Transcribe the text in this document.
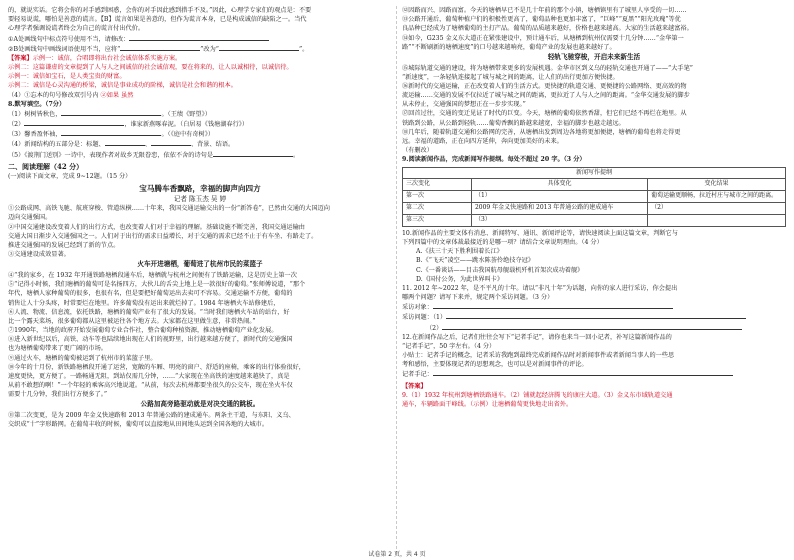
的，就说实话。它将会你的对手感到困惑，会你的对手因此感到措手不及。”因此，心理学专家们的观点是：不要

要轻易说谎，哪怕是善意的谎言。【B】谎言如果是善意的，但作为谎言本身，已是构成诚信的缺陷之一。当代

心理学者强调说谎者终会为自己的谎言付出代价。

①A处画线句中标点符号使用不当，请修改：

②B处画线句中画线词语使用不当，应将“	”改为“	”。

【答案】示例一：诚信，合唱即将出台社会诚信体系实施方案。

示例二：这篇谦虚的文章提到了人与人之间诚信的社会诚信观，要在将来的，让人以诚相待，以诚信待。

示例一：诚信如宝石，是人类宝贵的财富。

示例二：诚信是心灵沟通的桥梁，诚信是事业成功的阶梯，诚信是社会和谐的根本。

（4）①忘本的句号修改双引号内 ②如果 虽然

8.默写填空。（7分）

（1）树树皆秋色，	。（王绩《野望》）

（2）	，谁家新燕啄春泥。（白居易《钱塘湖春行》）

（3）馨香盈怀袖，	。（《庭中有奇树》）

（4）新闻结构的五部分是：标题、	、	、背景、结语。

（5）《渡荆门送别》一诗中，表现作者对故乡无限眷恋，依依不舍的诗句是	。

二、阅读理解（42 分）

(一)阅读下面文章，完成 9~12题。（15 分）

宝马腾车香飘路，幸福的脚声向四方

记者 陈玉杰 吴 婷

①公路成网、高铁飞驰、航班穿梭、管道纵横……十年来，我国交通运输交出的一份“新答卷”，已然由交通的大国迈向

迈向交通强国。

②中国交通建设改变着人们的出行方式，也改变着人们对于幸福的理解。基础设施不断完善，我国交通运输由

交通大国日渐步入交通强国之一。人们对于出行的需求日益增长，对于交通的需求已经不止于有车坐、有路走了。

推进交通强国的发展已经到了新的节点。

③交通建设成效显著。

火车开进塘栖，葡萄进了杭州市民的菜篮子

④“我的家乡，在 1932 年开通铁路塘栖段通车后，塘栖就与杭州之间便有了铁路运输，这是历史上第一次

⑤“记得小时候，我们塘栖的葡萄可是名扬四方，大伙儿的舌尖上地上是一款很好的葡萄。”张师傅说道，“那个

年代，塘栖人家种葡萄的很多，也很有名，但是要把好葡萄运出去卖可不容易。交通运输不方便，葡萄的

销售让人十分头疼，时常要烂在地里。许多葡萄没有运出来就烂掉了。1984 年塘栖火车站修建后，

⑥人流、物流、信息流，依托铁路，塘栖的葡萄产业有了很大的发展。“当时我们塘栖火车站的站台，好

比一个露天菜场，很多葡萄都从这里被运往各个地方去。大家都在这里做生意，非常热闹。”

⑦1990年，当地的政府开始发展葡萄专业合作社，整合葡萄种植资源，推动塘栖葡萄产业化发展。

⑧进入新世纪以后，高铁、动车等也陆续地出现在人们的视野里，出行越来越方便了，新时代的交通强国

也为塘栖葡萄带来了更广阔的市场。

⑨通过火车，塘栖的葡萄被运到了杭州市的菜篮子里。

⑩今年的十月份，新铁路塘栖段开通了运营，宽敞的车厢、明亮的窗户、舒适的座椅，乘客的出行体验很好，

速度更快，更方便了。一路畅通无阻，到站仅需几分钟，……“大家现在坐高铁的速度越来越快了，真是

从前不敢想的啊！”一个年轻的乘客高兴地说道。“从前，每次去杭州都要坐很久的公交车，现在坐火车仅

需要十几分钟，我们出行方便多了。”

公路加高旁路驱动就是对决交通的跳板。

⑪第二次变更，是为 2009 年金义快速路和 2013 年普通公路的建成通车。两条主干道，与东阳、义乌、

交织成“十”字形路网。在葡萄丰收的时候，葡萄可以直接地从田间地头运到全国各地的大城市。

⑫因路而兴、因路而富。今天的塘栖早已不是几十年前的那个小镇，塘栖镇里有了城里人享受的一切……

⑬公路开通后，葡萄种植户们的积极性更高了，葡萄品种也更加丰富了，“巨峰”“夏黑”“阳光玫瑰”等优

良品种已经成为了塘栖葡萄的主打产品。葡萄的品质越来越好，价格也越来越高。大家的生活越来越富裕。

⑭如今，G235 金义东大道正在紧张建设中，预计通车后，从塘栖到杭州仅需要十几分钟……“金华第一

路”“不断刷新的塘栖速度”的口号越来越响亮，葡萄产业的发展也越来越好了。

轻轨飞驰穿梭，开启未来新生活

⑮城际轨道交通的建设，将为塘栖带来更多的发展机遇。金华市区到义乌的轻轨交通也开通了——“大手笔”

“新速度”，一条轻轨连接起了城与城之间的距离，让人们的出行更加方便快捷。

⑯新时代的交通运输，正在改变着人们的生活方式。更快捷的轨道交通、更便捷的公路网络、更高效的物

流运输……交通的发展不仅拉近了城与城之间的距离，更拉近了人与人之间的距离。“金华交通发展的脚步

从未停止，交通强国的梦想正在一步步实现。”

⑰回首过往，交通的变迁见证了时代的巨变。今天，塘栖的葡萄依然香甜，但它们已经不再烂在地里。从

铁路到公路，从公路到轻轨……葡萄香飘的路越来越宽，幸福的脚步也越走越远。

⑱几年后，随着轨道交通和公路网的完善，从塘栖出发到周边各地将更加便捷，塘栖的葡萄也将走得更

远。幸福的道路，正在向四方延伸，奔向更加美好的未来。

（有删改）

9.阅读新闻作品，完成新闻写作提纲。每处不超过 20 字。（3 分）

新闻写作提纲		
三次变化	具体变化	变化结果
第一次	（1）	葡萄运输更顺畅，拉近村庄与城市之间的距离。
第二次	2009 年金义快速路和 2013 年普通公路的建成通车	（2）
第三次	（3）	

10.新闻作品的主要文体有消息、新闻特写、通讯、新闻评论等，请快速阅读上面这篇文章，判断它与

下列四篇中的文章体裁最接近的是哪一项？请结合文章说明理由。（4 分）

A.《扶三十天下胜利围着长江》

B.《“飞天”凌空——跳水陈荟伶绝技夺冠》

C.《一番谈话——目击我国航母舰载机歼机首架次成功着舰》

D.《国付公务，为此世界叫卡》

11. 2012 年~2022 年，是不平凡的十年。请以“非凡十年”为话题，向你的家人进行采访，你会提出

哪两个问题？请写下来并，规定两个采访问题。（3 分）

采访对象：

采访问题：（1）

（2）

12.在新闻作品之后，记者们往往会写下“记者手记”，请你也来当一回小记者，补写这篇新闻作品的

“记者手记”，50 字左右。（4 分）

小贴士：记者手记的概念，记者采访我跑到最终完成新闻作品时对新闻事件或者新闻当事人的一些思

考和感悟，主要体现记者的思想观念，也可以是对新闻事件的评论。

记者手记：

【答案】

9.（1）1932 年杭州到塘栖铁路通车。（2）铺就起经济腾飞的康庄大道。（3）金义东市域轨道交通

通车，车辆路面干峰线。（示例）让塘栖葡萄更快地走出省外。

试卷第 2 页，共 4 页
